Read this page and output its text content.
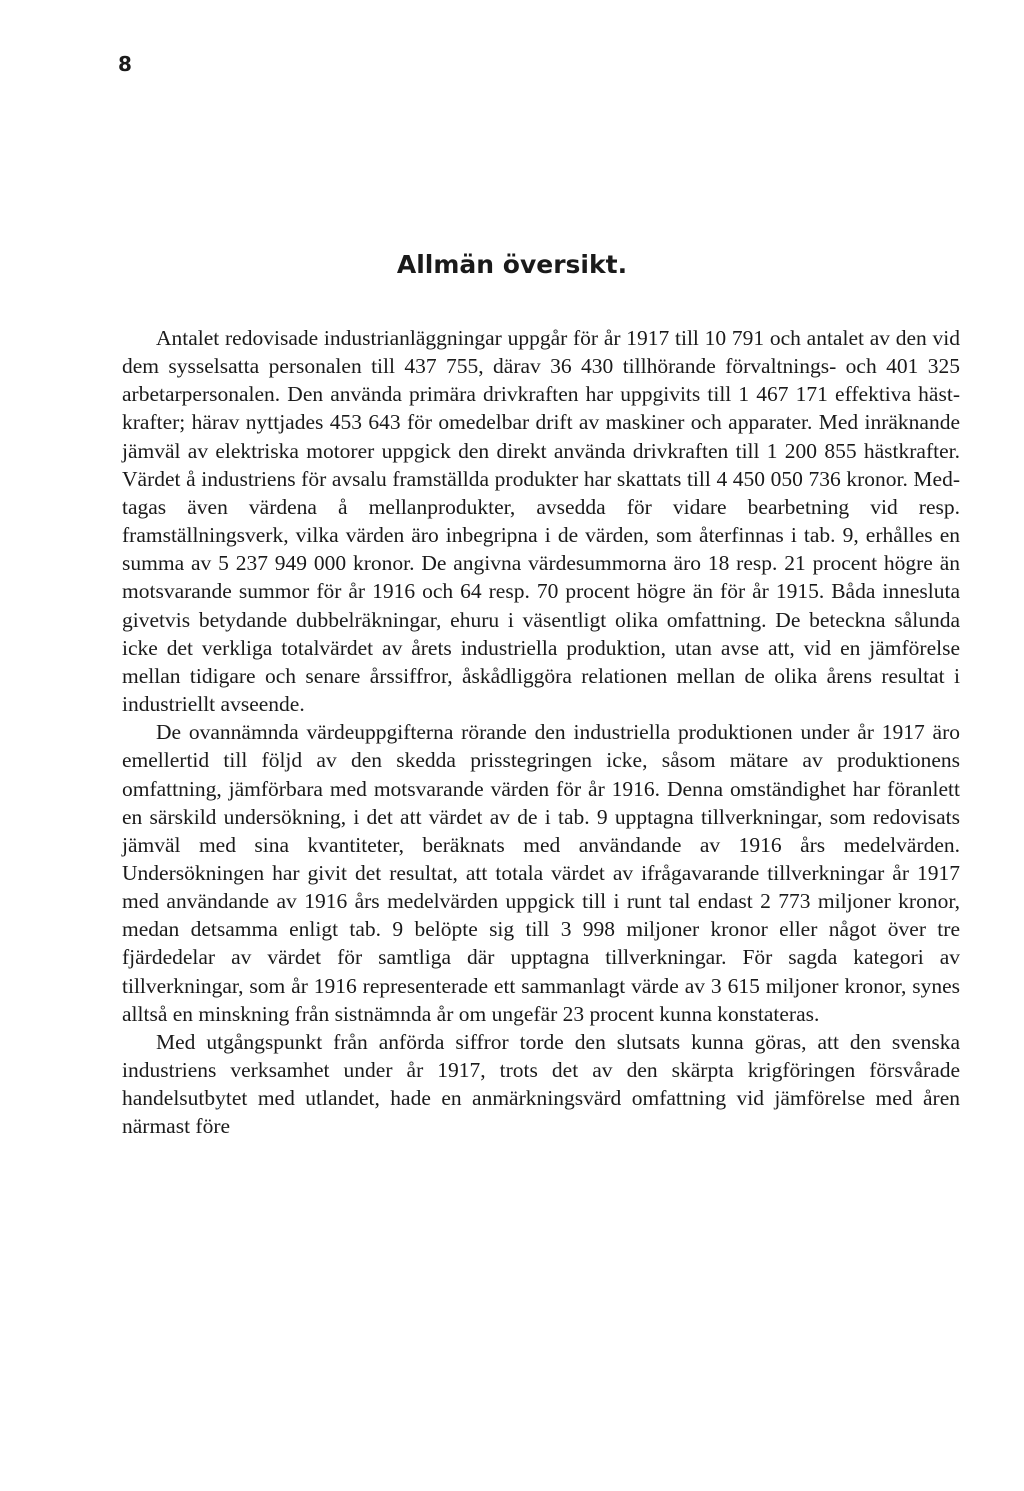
8
Allmän översikt.

Antalet redovisade industrianläggningar uppgår för år 1917 till 10 791 och antalet av den vid dem sysselsatta personalen till 437 755, därav 36 430 tillhörande förvaltnings- och 401 325 arbetarpersonalen. Den använda primära drivkraften har uppgivits till 1 467 171 effektiva hästkrafter; härav nyttjades 453 643 för omedelbar drift av maskiner och apparater. Med inräknande jämväl av elektriska motorer uppgick den direkt använda drivkraften till 1 200 855 hästkrafter. Värdet å industriens för avsalu framställda produkter har skattats till 4 450 050 736 kronor. Medtagas även värdena å mellanprodukter, avsedda för vidare bearbetning vid resp. framställningsverk, vilka värden äro inbegripna i de värden, som återfinnas i tab. 9, erhålles en summa av 5 237 949 000 kronor. De angivna värdesummorna äro 18 resp. 21 procent högre än motsvarande summor för år 1916 och 64 resp. 70 procent högre än för år 1915. Båda innesluta givetvis betydande dubbelräkningar, ehuru i väsentligt olika omfattning. De beteckna sålunda icke det verkliga totalvärdet av årets industriella produktion, utan avse att, vid en jämförelse mellan tidigare och senare årssiffror, åskådliggöra relationen mellan de olika årens resultat i industriellt avseende.

De ovannämnda värdeuppgifterna rörande den industriella produktionen under år 1917 äro emellertid till följd av den skedda prisstegringen icke, såsom mätare av produktionens omfattning, jämförbara med motsvarande värden för år 1916. Denna omständighet har föranlett en särskild undersökning, i det att värdet av de i tab. 9 upptagna tillverkningar, som redovisats jämväl med sina kvantiteter, beräknats med användande av 1916 års medelvärden. Undersökningen har givit det resultat, att totala värdet av ifrågavarande tillverkningar år 1917 med användande av 1916 års medelvärden uppgick till i runt tal endast 2 773 miljoner kronor, medan detsamma enligt tab. 9 belöpte sig till 3 998 miljoner kronor eller något över tre fjärdedelar av värdet för samtliga där upptagna tillverkningar. För sagda kategori av tillverkningar, som år 1916 representerade ett sammanlagt värde av 3 615 miljoner kronor, synes alltså en minskning från sistnämnda år om ungefär 23 procent kunna konstateras.

Med utgångspunkt från anförda siffror torde den slutsats kunna göras, att den svenska industriens verksamhet under år 1917, trots det av den skärpta krigföringen försvårade handelsutbytet med utlandet, hade en anmärkningsvärd omfattning vid jämförelse med åren närmast före
